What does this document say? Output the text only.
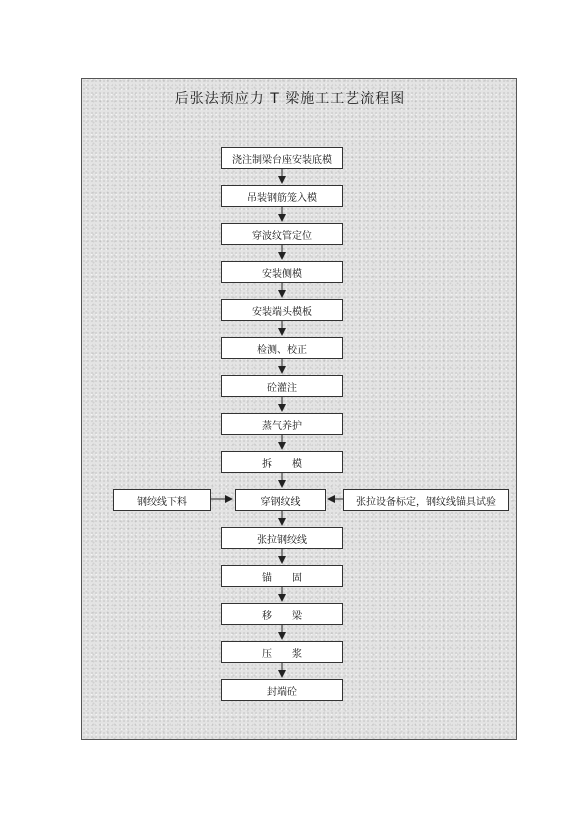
后张法预应力 T 梁施工工艺流程图
浇注制梁台座安装底模
吊装钢筋笼入模
穿波纹管定位
安装侧模
安装端头模板
检测、校正
砼灌注
蒸气养护
拆　　模
穿钢纹线
张拉钢绞线
锚　　固
移　　梁
压　　浆
封端砼
钢绞线下料	张拉设备标定，钢纹线锚具试验
